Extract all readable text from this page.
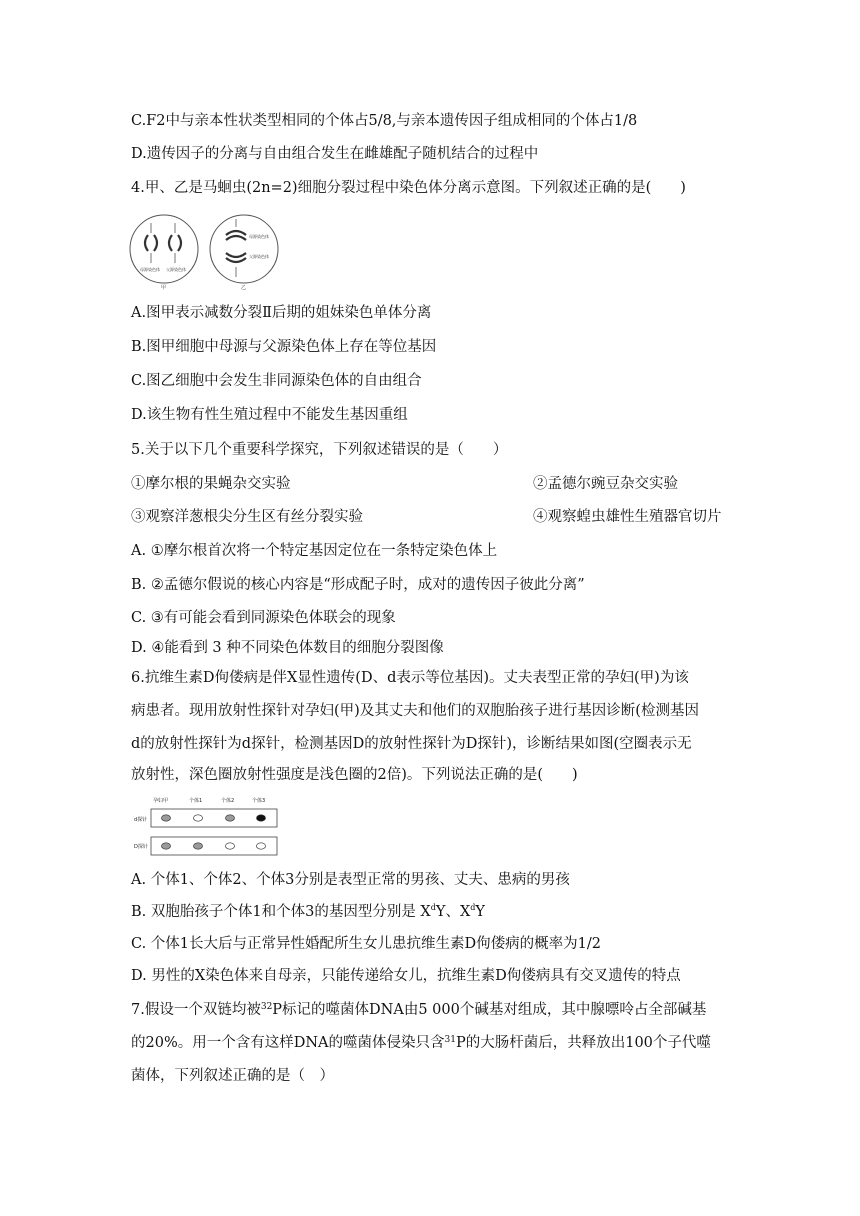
C.F2中与亲本性状类型相同的个体占5/8,与亲本遗传因子组成相同的个体占1/8
D.遗传因子的分离与自由组合发生在雌雄配子随机结合的过程中
4.甲、乙是马蛔虫(2n=2)细胞分裂过程中染色体分离示意图。下列叙述正确的是(　　)
母源染色体 父源染色体
甲
母源染色体
父源染色体
乙
A.图甲表示减数分裂Ⅱ后期的姐妹染色单体分离
B.图甲细胞中母源与父源染色体上存在等位基因
C.图乙细胞中会发生非同源染色体的自由组合
D.该生物有性生殖过程中不能发生基因重组
5.关于以下几个重要科学探究，下列叙述错误的是（　　）
①摩尔根的果蝇杂交实验	②孟德尔豌豆杂交实验
③观察洋葱根尖分生区有丝分裂实验	④观察蝗虫雄性生殖器官切片
A. ①摩尔根首次将一个特定基因定位在一条特定染色体上
B. ②孟德尔假说的核心内容是“形成配子时，成对的遗传因子彼此分离”
C. ③有可能会看到同源染色体联会的现象
D. ④能看到 3 种不同染色体数目的细胞分裂图像
6.抗维生素D佝偻病是伴X显性遗传(D、d表示等位基因)。丈夫表型正常的孕妇(甲)为该
病患者。现用放射性探针对孕妇(甲)及其丈夫和他们的双胞胎孩子进行基因诊断(检测基因
d的放射性探针为d探针，检测基因D的放射性探针为D探针)，诊断结果如图(空圈表示无
放射性，深色圈放射性强度是浅色圈的2倍)。下列说法正确的是(　　)
孕妇甲	个体1	个体2	个体3
d探针
D探针
A. 个体1、个体2、个体3分别是表型正常的男孩、丈夫、患病的男孩
B. 双胞胎孩子个体1和个体3的基因型分别是 $X^dY$、$X^dY$
C. 个体1长大后与正常异性婚配所生女儿患抗维生素D佝偻病的概率为1/2
D. 男性的X染色体来自母亲，只能传递给女儿，抗维生素D佝偻病具有交叉遗传的特点
7.假设一个双链均被$^{32}$P标记的噬菌体DNA由5 000个碱基对组成，其中腺嘌呤占全部碱基
的20%。用一个含有这样DNA的噬菌体侵染只含$^{31}$P的大肠杆菌后，共释放出100个子代噬
菌体，下列叙述正确的是（　）
